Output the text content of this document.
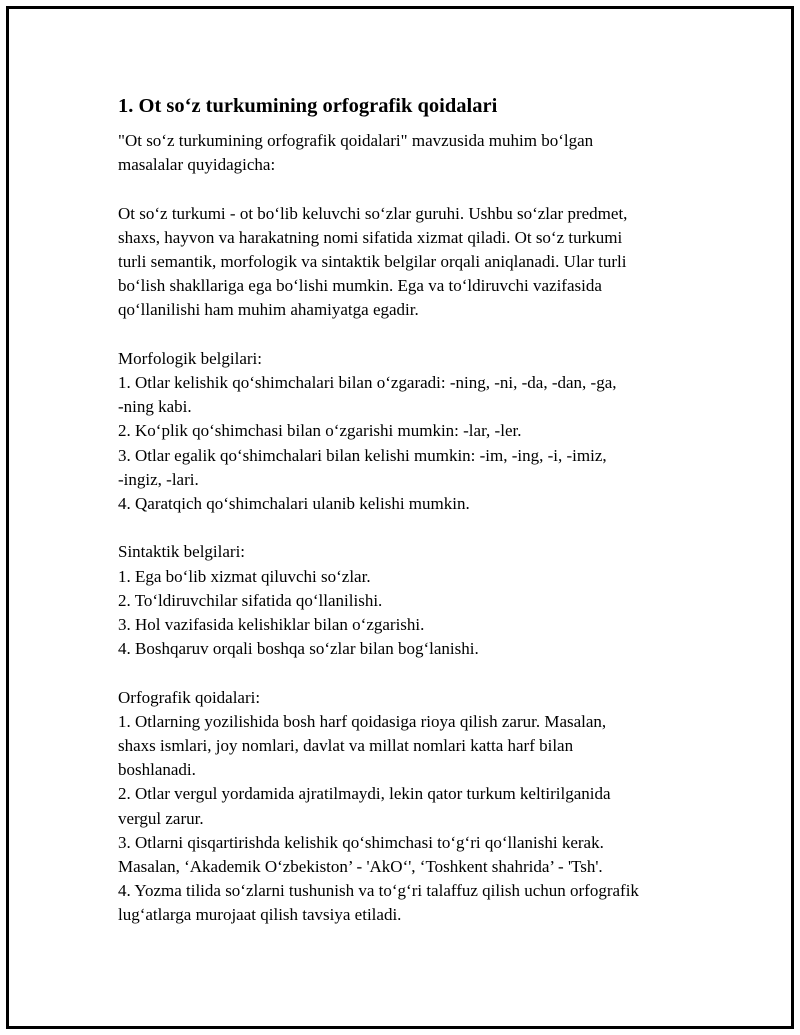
1. Ot so‘z turkumining orfografik qoidalari
"Ot so‘z turkumining orfografik qoidalari" mavzusida muhim bo‘lgan
masalalar quyidagicha:
Ot so‘z turkumi - ot bo‘lib keluvchi so‘zlar guruhi. Ushbu so‘zlar predmet,
shaxs, hayvon va harakatning nomi sifatida xizmat qiladi. Ot so‘z turkumi
turli semantik, morfologik va sintaktik belgilar orqali aniqlanadi. Ular turli
bo‘lish shakllariga ega bo‘lishi mumkin. Ega va to‘ldiruvchi vazifasida
qo‘llanilishi ham muhim ahamiyatga egadir.
Morfologik belgilari:
1. Otlar kelishik qo‘shimchalari bilan o‘zgaradi: -ning, -ni, -da, -dan, -ga,
-ning kabi.
2. Ko‘plik qo‘shimchasi bilan o‘zgarishi mumkin: -lar, -ler.
3. Otlar egalik qo‘shimchalari bilan kelishi mumkin: -im, -ing, -i, -imiz,
-ingiz, -lari.
4. Qaratqich qo‘shimchalari ulanib kelishi mumkin.
Sintaktik belgilari:
1. Ega bo‘lib xizmat qiluvchi so‘zlar.
2. To‘ldiruvchilar sifatida qo‘llanilishi.
3. Hol vazifasida kelishiklar bilan o‘zgarishi.
4. Boshqaruv orqali boshqa so‘zlar bilan bog‘lanishi.
Orfografik qoidalari:
1. Otlarning yozilishida bosh harf qoidasiga rioya qilish zarur. Masalan,
shaxs ismlari, joy nomlari, davlat va millat nomlari katta harf bilan
boshlanadi.
2. Otlar vergul yordamida ajratilmaydi, lekin qator turkum keltirilganida
vergul zarur.
3. Otlarni qisqartirishda kelishik qo‘shimchasi to‘g‘ri qo‘llanishi kerak.
Masalan, ‘Akademik O‘zbekiston’ - 'AkO‘', ‘Toshkent shahrida’ - 'Tsh'.
4. Yozma tilida so‘zlarni tushunish va to‘g‘ri talaffuz qilish uchun orfografik
lug‘atlarga murojaat qilish tavsiya etiladi.
